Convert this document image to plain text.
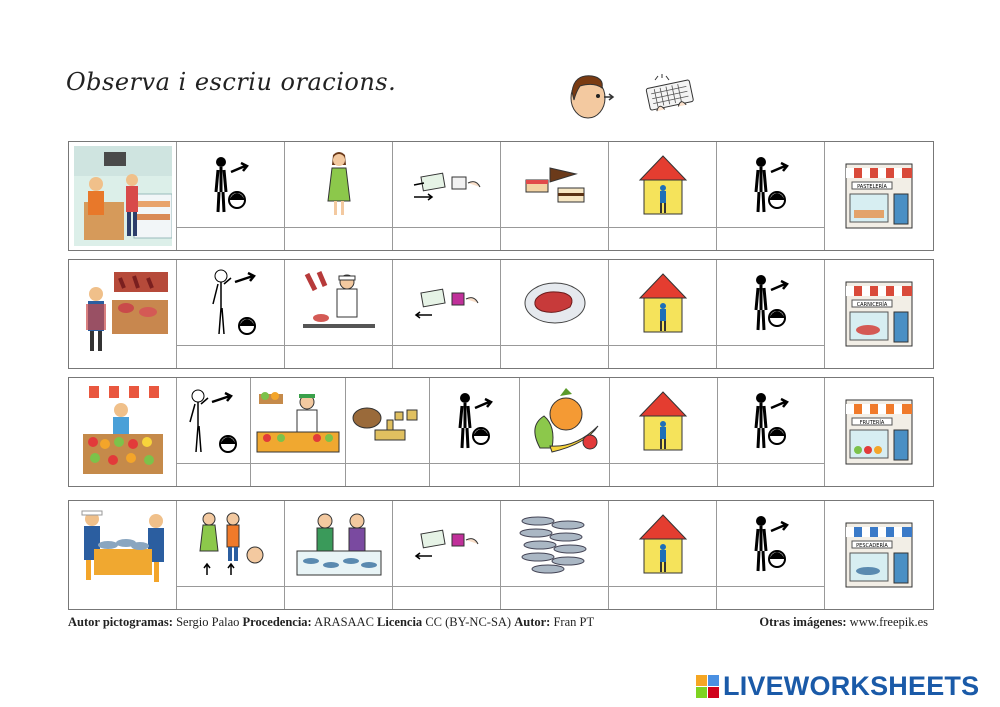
Observa i escriu oracions.
PASTELERÍA
CARNICERÍA
FRUTERÍA
PESCADERÍA
Autor pictogramas: Sergio Palao Procedencia: ARASAAC Licencia CC (BY-NC-SA) Autor: Fran PT	Otras imágenes: www.freepik.es
LIVEWORKSHEETS
